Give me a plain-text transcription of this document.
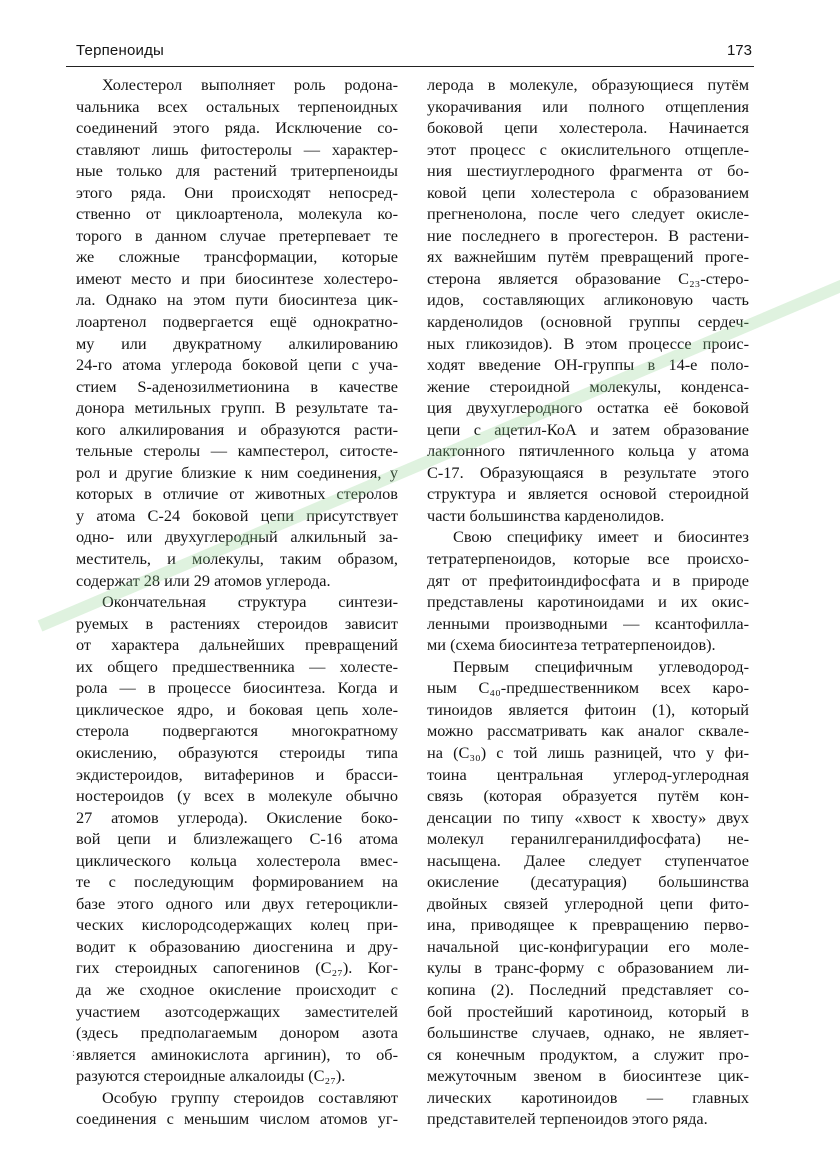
Терпеноиды	173
Холестерол выполняет роль родона-
чальника всех остальных терпеноидных
соединений этого ряда. Исключение со-
ставляют лишь фитостеролы — характер-
ные только для растений тритерпеноиды
этого ряда. Они происходят непосред-
ственно от циклоартенола, молекула ко-
торого в данном случае претерпевает те
же сложные трансформации, которые
имеют место и при биосинтезе холестеро-
ла. Однако на этом пути биосинтеза цик-
лоартенол подвергается ещё однократно-
му или двукратному алкилированию
24-го атома углерода боковой цепи с уча-
стием S-аденозилметионина в качестве
донора метильных групп. В результате та-
кого алкилирования и образуются расти-
тельные стеролы — кампестерол, ситосте-
рол и другие близкие к ним соединения, у
которых в отличие от животных стеролов
у атома С-24 боковой цепи присутствует
одно- или двухуглеродный алкильный за-
меститель, и молекулы, таким образом,
содержат 28 или 29 атомов углерода.
Окончательная структура синтези-
руемых в растениях стероидов зависит
от характера дальнейших превращений
их общего предшественника — холесте-
рола — в процессе биосинтеза. Когда и
циклическое ядро, и боковая цепь холе-
стерола подвергаются многократному
окислению, образуются стероиды типа
экдистероидов, витаферинов и брасси-
ностероидов (у всех в молекуле обычно
27 атомов углерода). Окисление боко-
вой цепи и близлежащего С-16 атома
циклического кольца холестерола вмес-
те с последующим формированием на
базе этого одного или двух гетероцикли-
ческих кислородсодержащих колец при-
водит к образованию диосгенина и дру-
гих стероидных сапогенинов (C₂₇). Ког-
да же сходное окисление происходит с
участием азотсодержащих заместителей
(здесь предполагаемым донором азота
является аминокислота аргинин), то об-
разуются стероидные алкалоиды (C₂₇).
Особую группу стероидов составляют
соединения с меньшим числом атомов уг-
лерода в молекуле, образующиеся путём
укорачивания или полного отщепления
боковой цепи холестерола. Начинается
этот процесс с окислительного отщепле-
ния шестиуглеродного фрагмента от бо-
ковой цепи холестерола с образованием
прегненолона, после чего следует окисле-
ние последнего в прогестерон. В растени-
ях важнейшим путём превращений проге-
стерона является образование C₂₃-стеро-
идов, составляющих агликоновую часть
карденолидов (основной группы сердеч-
ных гликозидов). В этом процессе проис-
ходят введение ОН-группы в 14-е поло-
жение стероидной молекулы, конденса-
ция двухуглеродного остатка её боковой
цепи с ацетил-КоА и затем образование
лактонного пятичленного кольца у атома
С-17. Образующаяся в результате этого
структура и является основой стероидной
части большинства карденолидов.
Свою специфику имеет и биосинтез
тетратерпеноидов, которые все происхо-
дят от префитоиндифосфата и в природе
представлены каротиноидами и их окис-
ленными производными — ксантофилла-
ми (схема биосинтеза тетратерпеноидов).
Первым специфичным углеводород-
ным C₄₀-предшественником всех каро-
тиноидов является фитоин (1), который
можно рассматривать как аналог сквале-
на (C₃₀) с той лишь разницей, что у фи-
тоина центральная углерод-углеродная
связь (которая образуется путём кон-
денсации по типу «хвост к хвосту» двух
молекул геранилгеранилдифосфата) не-
насыщена. Далее следует ступенчатое
окисление (десатурация) большинства
двойных связей углеродной цепи фито-
ина, приводящее к превращению перво-
начальной цис-конфигурации его моле-
кулы в транс-форму с образованием ли-
копина (2). Последний представляет со-
бой простейший каротиноид, который в
большинстве случаев, однако, не являет-
ся конечным продуктом, а служит про-
межуточным звеном в биосинтезе цик-
лических каротиноидов — главных
представителей терпеноидов этого ряда.
:
